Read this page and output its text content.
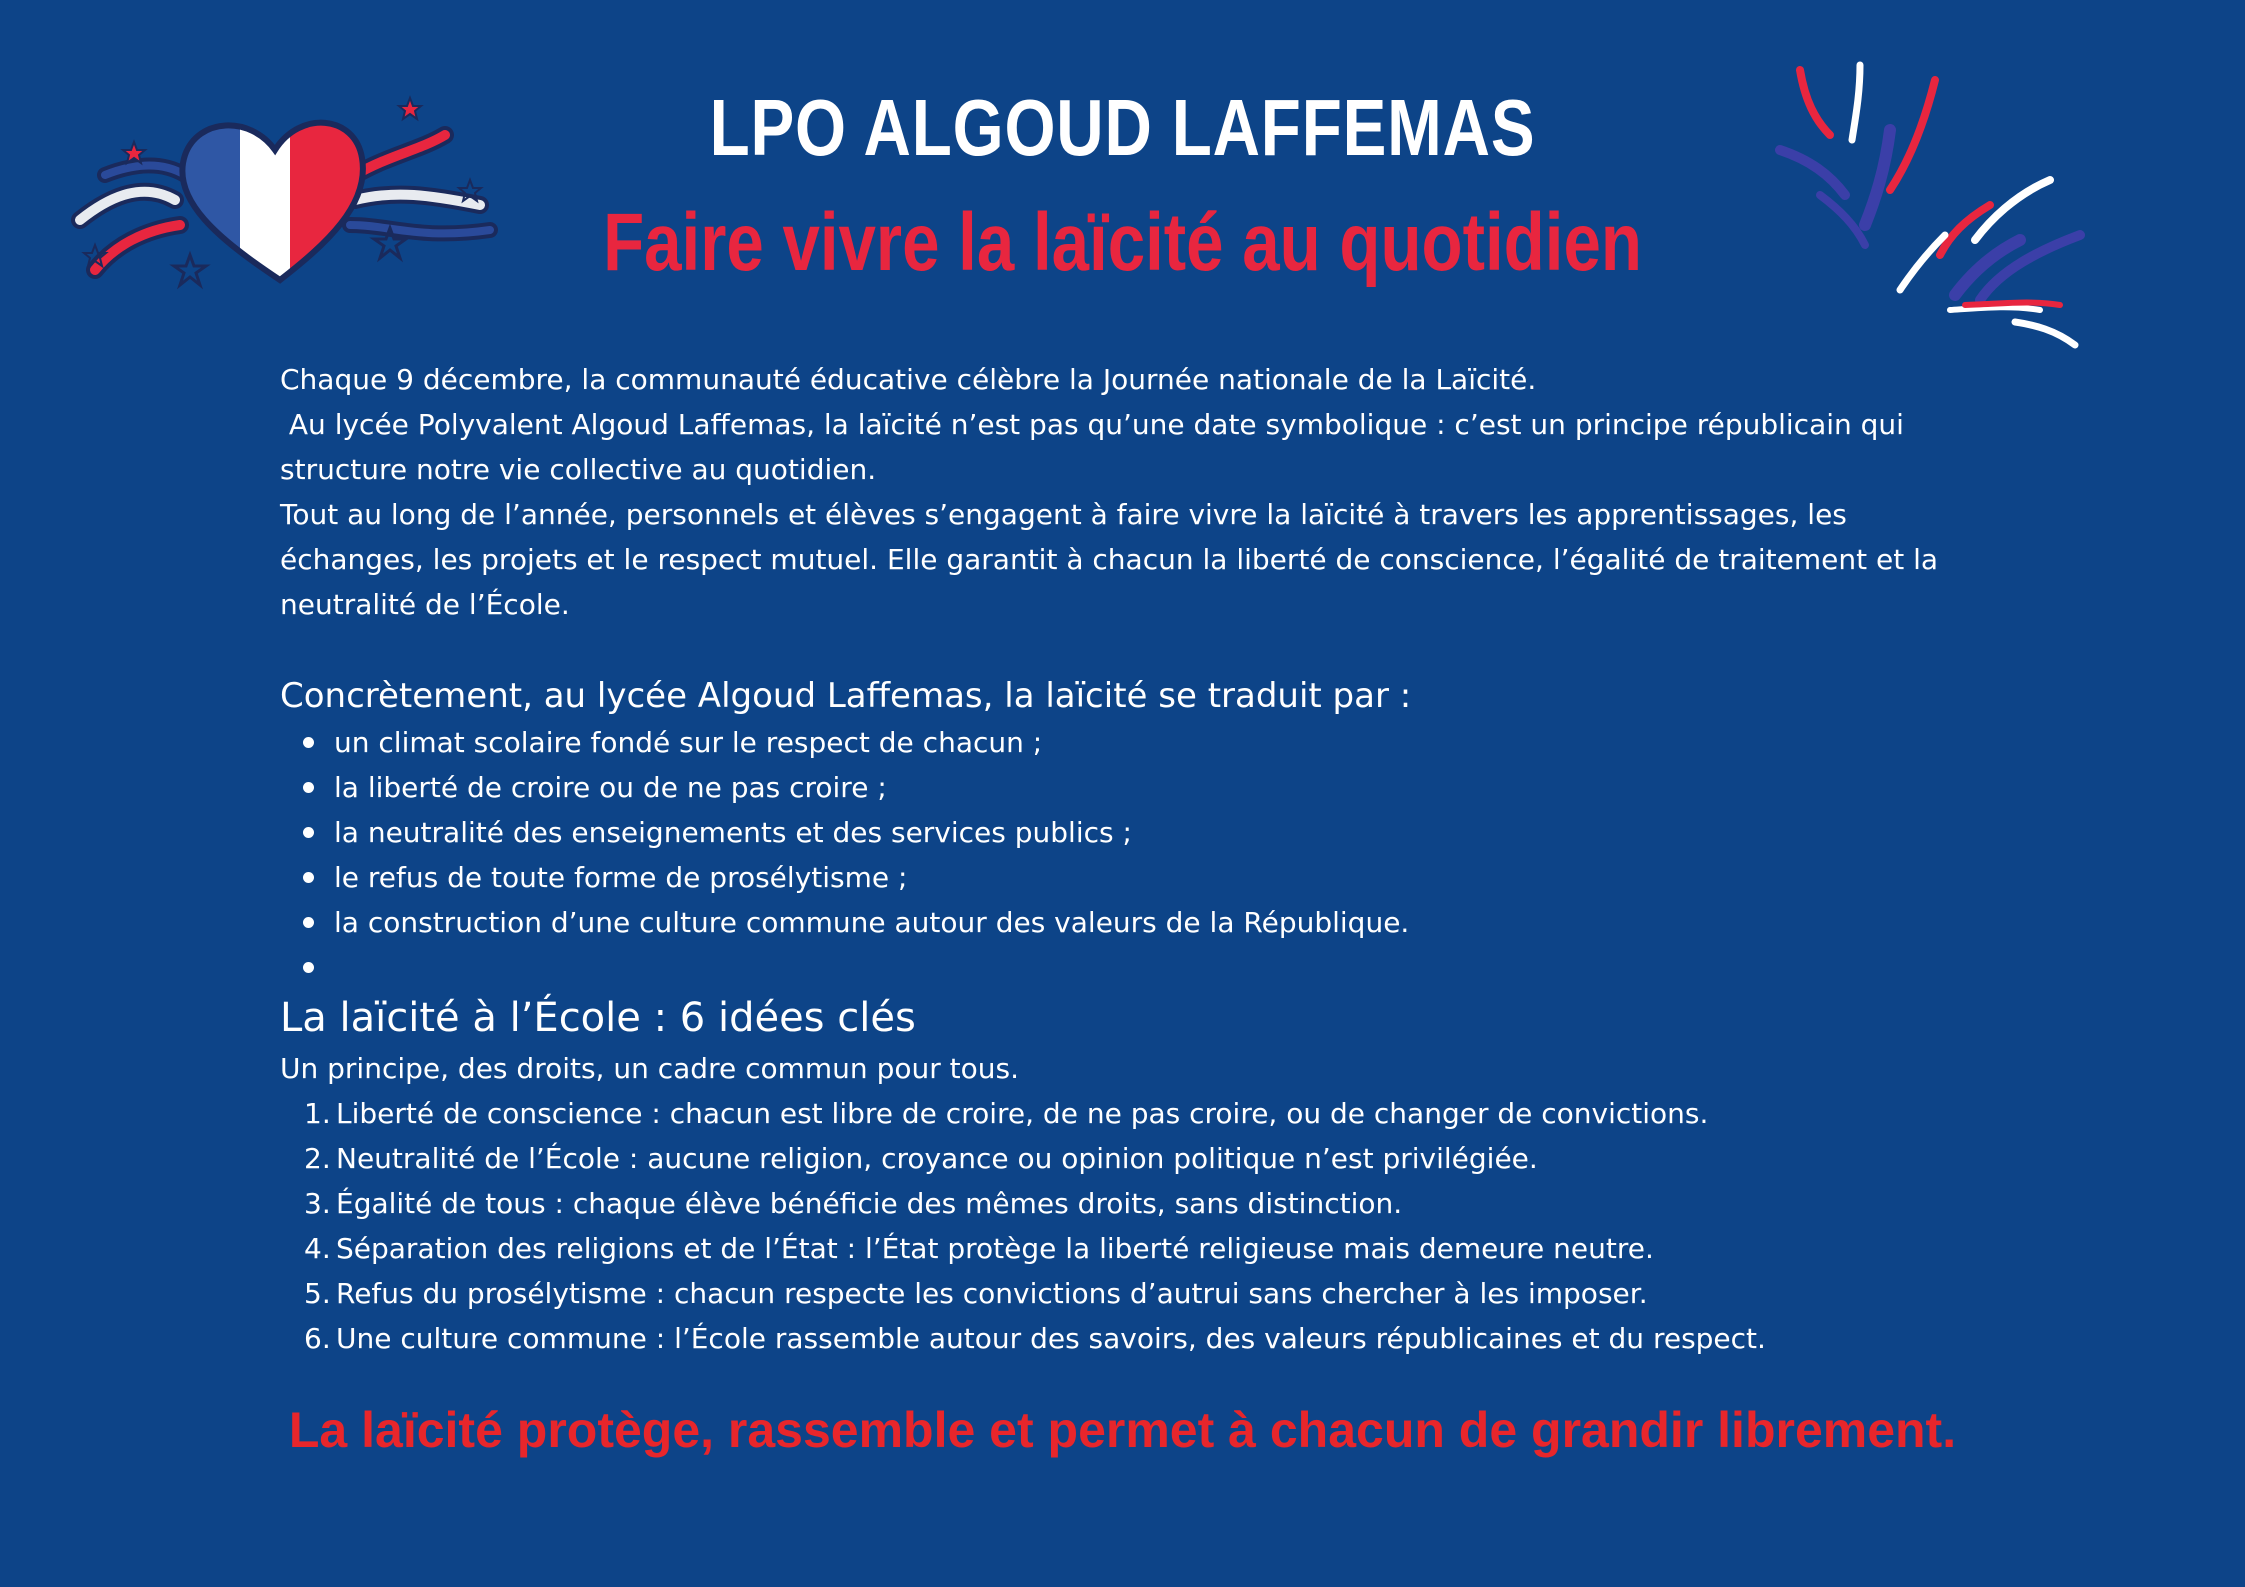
LPO ALGOUD LAFFEMAS
Faire vivre la laïcité au quotidien

Chaque 9 décembre, la communauté éducative célèbre la Journée nationale de la Laïcité.

Au lycée Polyvalent Algoud Laffemas, la laïcité n’est pas qu’une date symbolique : c’est un principe républicain qui structure notre vie collective au quotidien.

Tout au long de l’année, personnels et élèves s’engagent à faire vivre la laïcité à travers les apprentissages, les échanges, les projets et le respect mutuel. Elle garantit à chacun la liberté de conscience, l’égalité de traitement et la neutralité de l’École.

Concrètement, au lycée Algoud Laffemas, la laïcité se traduit par :

un climat scolaire fondé sur le respect de chacun ;
la liberté de croire ou de ne pas croire ;
la neutralité des enseignements et des services publics ;
le refus de toute forme de prosélytisme ;
la construction d’une culture commune autour des valeurs de la République.

La laïcité à l’École : 6 idées clés

Un principe, des droits, un cadre commun pour tous.

1. Liberté de conscience : chacun est libre de croire, de ne pas croire, ou de changer de convictions.
2. Neutralité de l’École : aucune religion, croyance ou opinion politique n’est privilégiée.
3. Égalité de tous : chaque élève bénéficie des mêmes droits, sans distinction.
4. Séparation des religions et de l’État : l’État protège la liberté religieuse mais demeure neutre.
5. Refus du prosélytisme : chacun respecte les convictions d’autrui sans chercher à les imposer.
6. Une culture commune : l’École rassemble autour des savoirs, des valeurs républicaines et du respect.
La laïcité protège, rassemble et permet à chacun de grandir librement.
